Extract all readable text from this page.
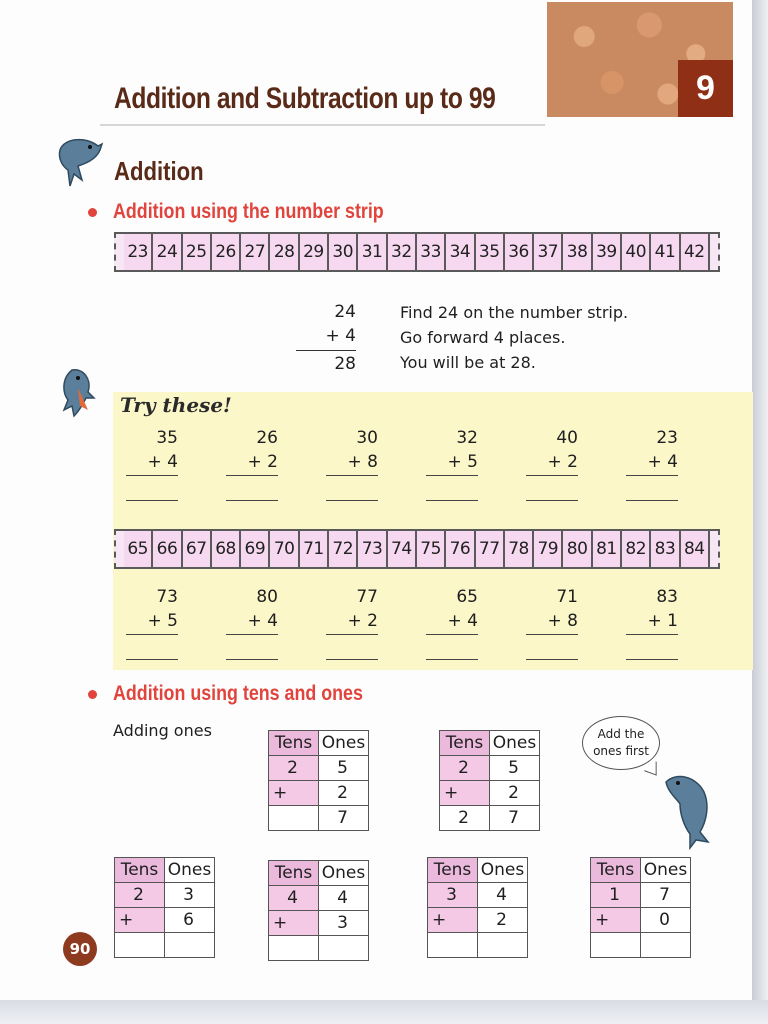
9
Addition and Subtraction up to 99
Addition
Addition using the number strip
23 24 25 26 27 28 29 30 31 32 33 34 35 36 37 38 39 40 41 42
24
+ 4
28
Find 24 on the number strip.
Go forward 4 places.
You will be at 28.
Try these!
35
+ 4
26
+ 2
30
+ 8
32
+ 5
40
+ 2
23
+ 4
65 66 67 68 69 70 71 72 73 74 75 76 77 78 79 80 81 82 83 84
73
+ 5
80
+ 4
77
+ 2
65
+ 4
71
+ 8
83
+ 1
Addition using tens and ones
Adding ones
Tens	Ones
2	5
+	2
	7
Tens	Ones
2	5
+	2
2	7
Add the
ones first
Tens	Ones
2	3
+	6

Tens	Ones
4	4
+	3

Tens	Ones
3	4
+	2

Tens	Ones
1	7
+	0

90
